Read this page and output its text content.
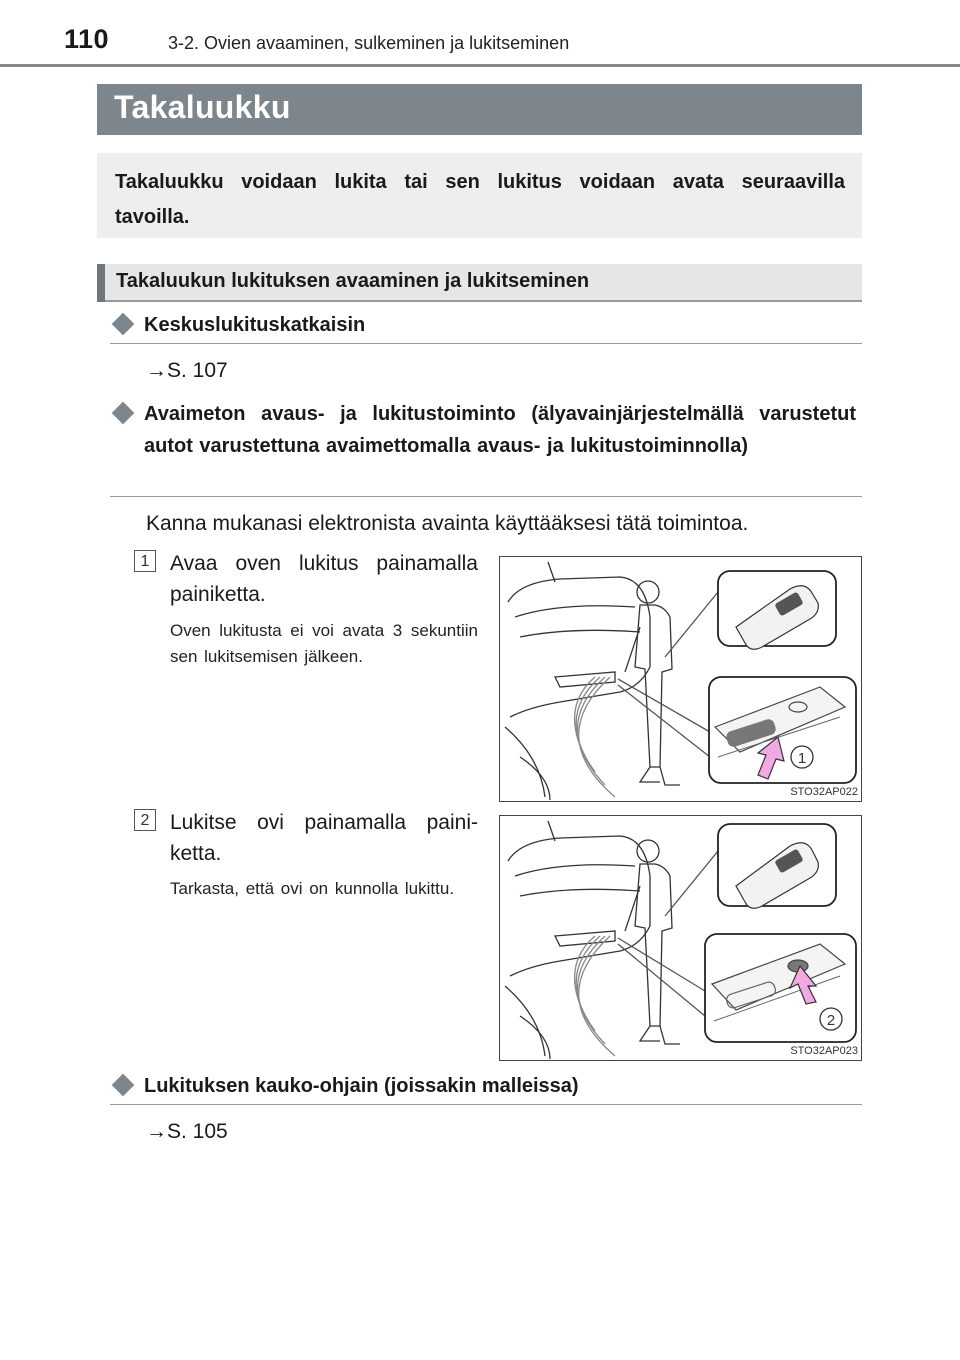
110	3-2. Ovien avaaminen, sulkeminen ja lukitseminen
Takaluukku
Takaluukku voidaan lukita tai sen lukitus voidaan avata seuraavilla tavoilla.
Takaluukun lukituksen avaaminen ja lukitseminen
Keskuslukituskatkaisin
→S. 107
Avaimeton avaus- ja lukitustoiminto (älyavainjärjestelmällä varustetut autot varustettuna avaimettomalla avaus- ja lukitustoiminnolla)
Kanna mukanasi elektronista avainta käyttääksesi tätä toimintoa.
1 Avaa oven lukitus painamalla painiketta.
Oven lukitusta ei voi avata 3 sekuntiin sen lukitsemisen jälkeen.
1
STO32AP022
2 Lukitse ovi painamalla painiketta.
Tarkasta, että ovi on kunnolla lukittu.
2
STO32AP023
Lukituksen kauko-ohjain (joissakin malleissa)
→S. 105
